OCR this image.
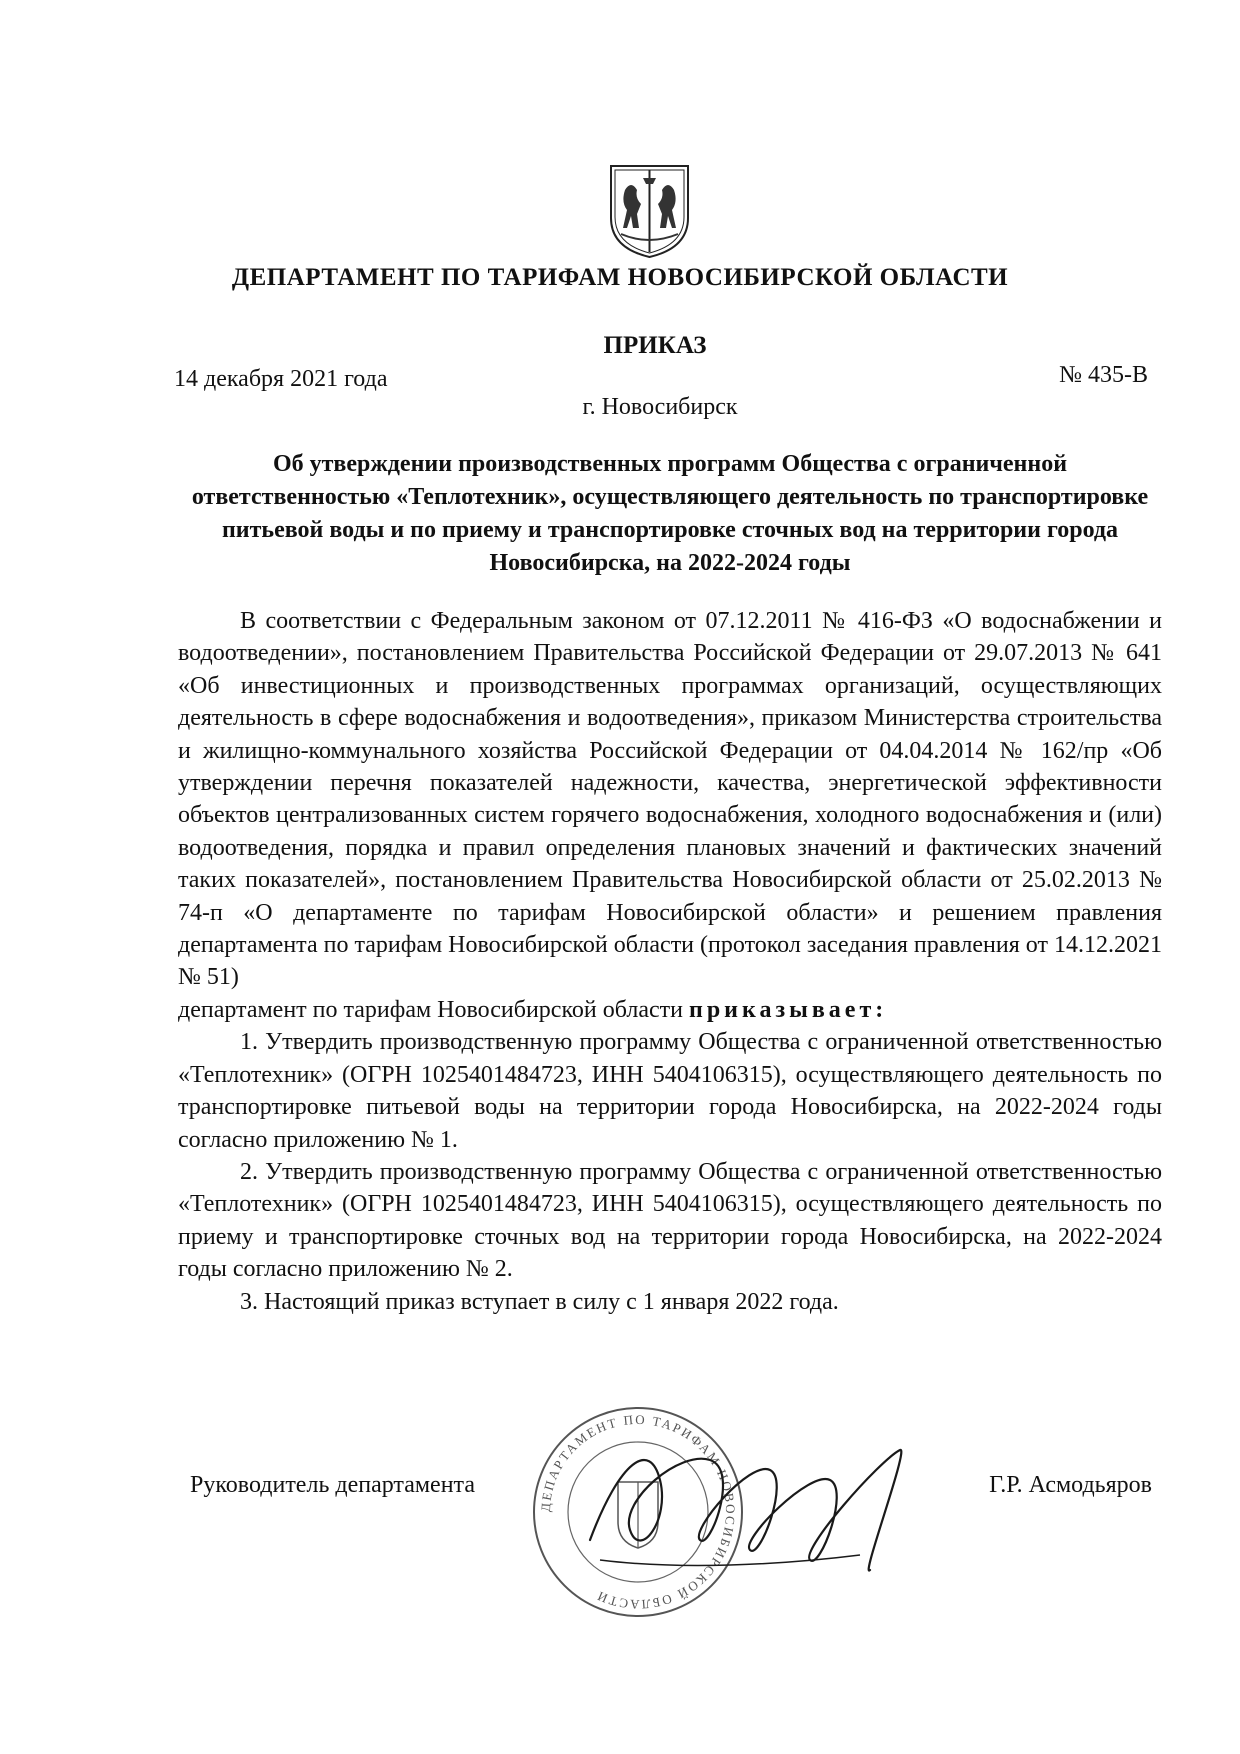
ДЕПАРТАМЕНТ ПО ТАРИФАМ НОВОСИБИРСКОЙ ОБЛАСТИ
ПРИКАЗ
14 декабря 2021 года	№ 435-В
г. Новосибирск
Об утверждении производственных программ Общества с ограниченной ответственностью «Теплотехник», осуществляющего деятельность по транспортировке питьевой воды и по приему и транспортировке сточных вод на территории города Новосибирска, на 2022-2024 годы

В соответствии с Федеральным законом от 07.12.2011 № 416-ФЗ «О водоснабжении и водоотведении», постановлением Правительства Российской Федерации от 29.07.2013 № 641 «Об инвестиционных и производственных программах организаций, осуществляющих деятельность в сфере водоснабжения и водоотведения», приказом Министерства строительства и жилищно-коммунального хозяйства Российской Федерации от 04.04.2014 № 162/пр «Об утверждении перечня показателей надежности, качества, энергетической эффективности объектов централизованных систем горячего водоснабжения, холодного водоснабжения и (или) водоотведения, порядка и правил определения плановых значений и фактических значений таких показателей», постановлением Правительства Новосибирской области от 25.02.2013 № 74-п «О департаменте по тарифам Новосибирской области» и решением правления департамента по тарифам Новосибирской области (протокол заседания правления от 14.12.2021 № 51)

департамент по тарифам Новосибирской области приказывает:

1. Утвердить производственную программу Общества с ограниченной ответственностью «Теплотехник» (ОГРН 1025401484723, ИНН 5404106315), осуществляющего деятельность по транспортировке питьевой воды на территории города Новосибирска, на 2022-2024 годы согласно приложению № 1.

2. Утвердить производственную программу Общества с ограниченной ответственностью «Теплотехник» (ОГРН 1025401484723, ИНН 5404106315), осуществляющего деятельность по приему и транспортировке сточных вод на территории города Новосибирска, на 2022-2024 годы согласно приложению № 2.

3. Настоящий приказ вступает в силу с 1 января 2022 года.

ДЕПАРТАМЕНТ ПО ТАРИФАМ НОВОСИБИРСКОЙ ОБЛАСТИ
Руководитель департамента	Г.Р. Асмодьяров
